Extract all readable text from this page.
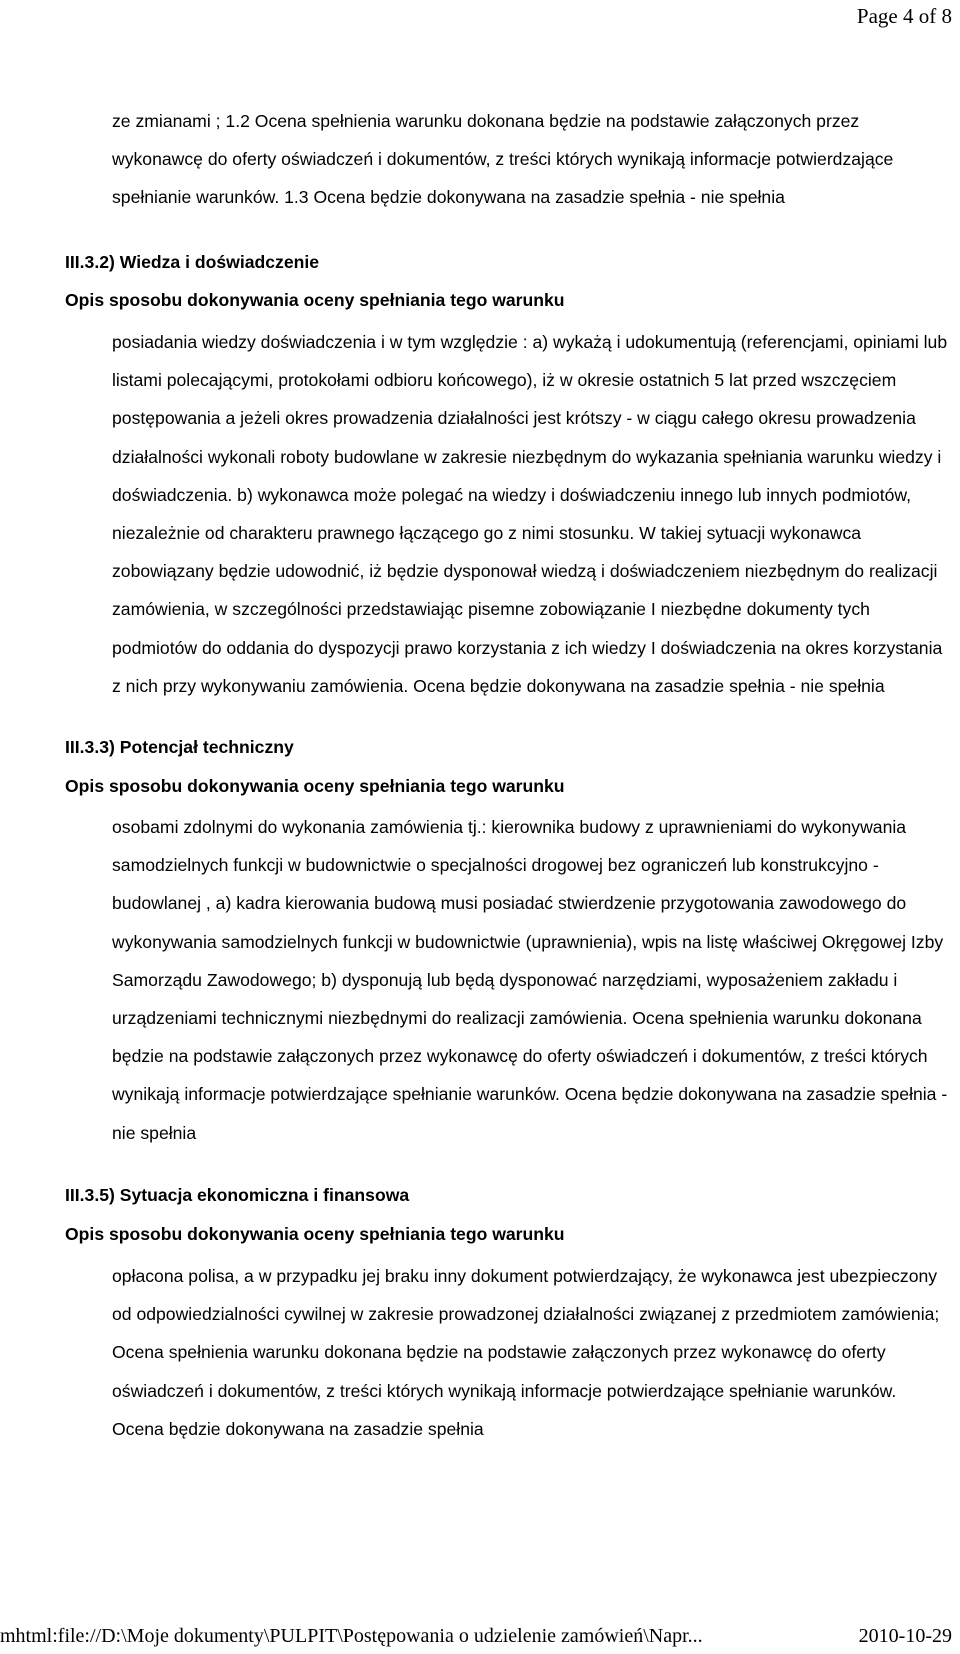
Page 4 of 8

ze zmianami ; 1.2 Ocena spełnienia warunku dokonana będzie na podstawie załączonych przez wykonawcę do oferty oświadczeń i dokumentów, z treści których wynikają informacje potwierdzające spełnianie warunków. 1.3 Ocena będzie dokonywana na zasadzie spełnia - nie spełnia

III.3.2) Wiedza i doświadczenie
Opis sposobu dokonywania oceny spełniania tego warunku

posiadania wiedzy doświadczenia i w tym względzie : a) wykażą i udokumentują (referencjami, opiniami lub listami polecającymi, protokołami odbioru końcowego), iż w okresie ostatnich 5 lat przed wszczęciem postępowania a jeżeli okres prowadzenia działalności jest krótszy - w ciągu całego okresu prowadzenia działalności wykonali roboty budowlane w zakresie niezbędnym do wykazania spełniania warunku wiedzy i doświadczenia. b) wykonawca może polegać na wiedzy i doświadczeniu innego lub innych podmiotów, niezależnie od charakteru prawnego łączącego go z nimi stosunku. W takiej sytuacji wykonawca zobowiązany będzie udowodnić, iż będzie dysponował wiedzą i doświadczeniem niezbędnym do realizacji zamówienia, w szczególności przedstawiając pisemne zobowiązanie I niezbędne dokumenty tych podmiotów do oddania do dyspozycji prawo korzystania z ich wiedzy I doświadczenia na okres korzystania z nich przy wykonywaniu zamówienia. Ocena będzie dokonywana na zasadzie spełnia - nie spełnia

III.3.3) Potencjał techniczny
Opis sposobu dokonywania oceny spełniania tego warunku

osobami zdolnymi do wykonania zamówienia tj.: kierownika budowy z uprawnieniami do wykonywania samodzielnych funkcji w budownictwie o specjalności drogowej bez ograniczeń lub konstrukcyjno - budowlanej , a) kadra kierowania budową musi posiadać stwierdzenie przygotowania zawodowego do wykonywania samodzielnych funkcji w budownictwie (uprawnienia), wpis na listę właściwej Okręgowej Izby Samorządu Zawodowego; b) dysponują lub będą dysponować narzędziami, wyposażeniem zakładu i urządzeniami technicznymi niezbędnymi do realizacji zamówienia. Ocena spełnienia warunku dokonana będzie na podstawie załączonych przez wykonawcę do oferty oświadczeń i dokumentów, z treści których wynikają informacje potwierdzające spełnianie warunków. Ocena będzie dokonywana na zasadzie spełnia - nie spełnia

III.3.5) Sytuacja ekonomiczna i finansowa
Opis sposobu dokonywania oceny spełniania tego warunku

opłacona polisa, a w przypadku jej braku inny dokument potwierdzający, że wykonawca jest ubezpieczony od odpowiedzialności cywilnej w zakresie prowadzonej działalności związanej z przedmiotem zamówienia; Ocena spełnienia warunku dokonana będzie na podstawie załączonych przez wykonawcę do oferty oświadczeń i dokumentów, z treści których wynikają informacje potwierdzające spełnianie warunków. Ocena będzie dokonywana na zasadzie spełnia

mhtml:file://D:\Moje dokumenty\PULPIT\Postępowania o udzielenie zamówień\Napr...	2010-10-29
